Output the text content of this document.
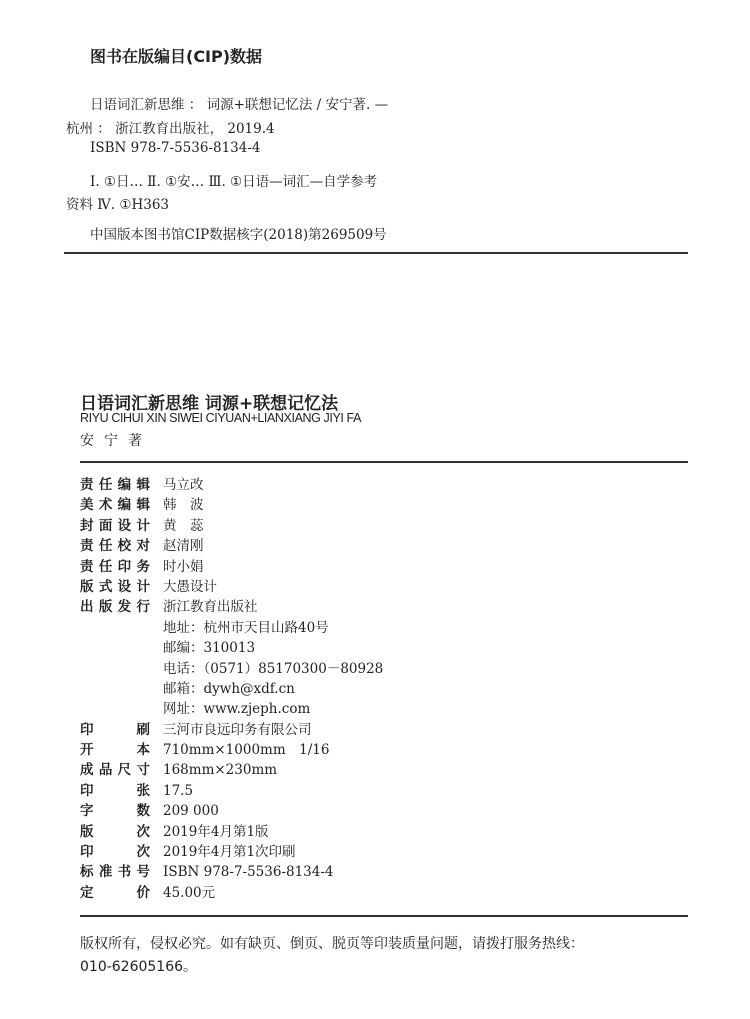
图书在版编目(CIP)数据
日语词汇新思维 ： 词源+联想记忆法 / 安宁著. —
杭州 ： 浙江教育出版社， 2019.4
ISBN 978-7-5536-8134-4
Ⅰ. ①日… Ⅱ. ①安… Ⅲ. ①日语—词汇—自学参考
资料 Ⅳ. ①H363
中国版本图书馆CIP数据核字(2018)第269509号
日语词汇新思维 词源+联想记忆法
RIYU CIHUI XIN SIWEI CIYUAN+LIANXIANG JIYI FA
安宁著
责任编辑 马立改
美术编辑 韩　波
封面设计 黄　蕊
责任校对 赵清刚
责任印务 时小娟
版式设计 大愚设计
出版发行 浙江教育出版社
地址：杭州市天目山路40号
邮编：310013
电话：（0571）85170300－80928
邮箱：dywh@xdf.cn
网址：www.zjeph.com
印刷 三河市良远印务有限公司
开本 710mm×1000mm　1/16
成品尺寸 168mm×230mm
印张 17.5
字数 209 000
版次 2019年4月第1版
印次 2019年4月第1次印刷
标准书号 ISBN 978-7-5536-8134-4
定价 45.00元
版权所有，侵权必究。如有缺页、倒页、脱页等印装质量问题，请拨打服务热线：
010-62605166。
